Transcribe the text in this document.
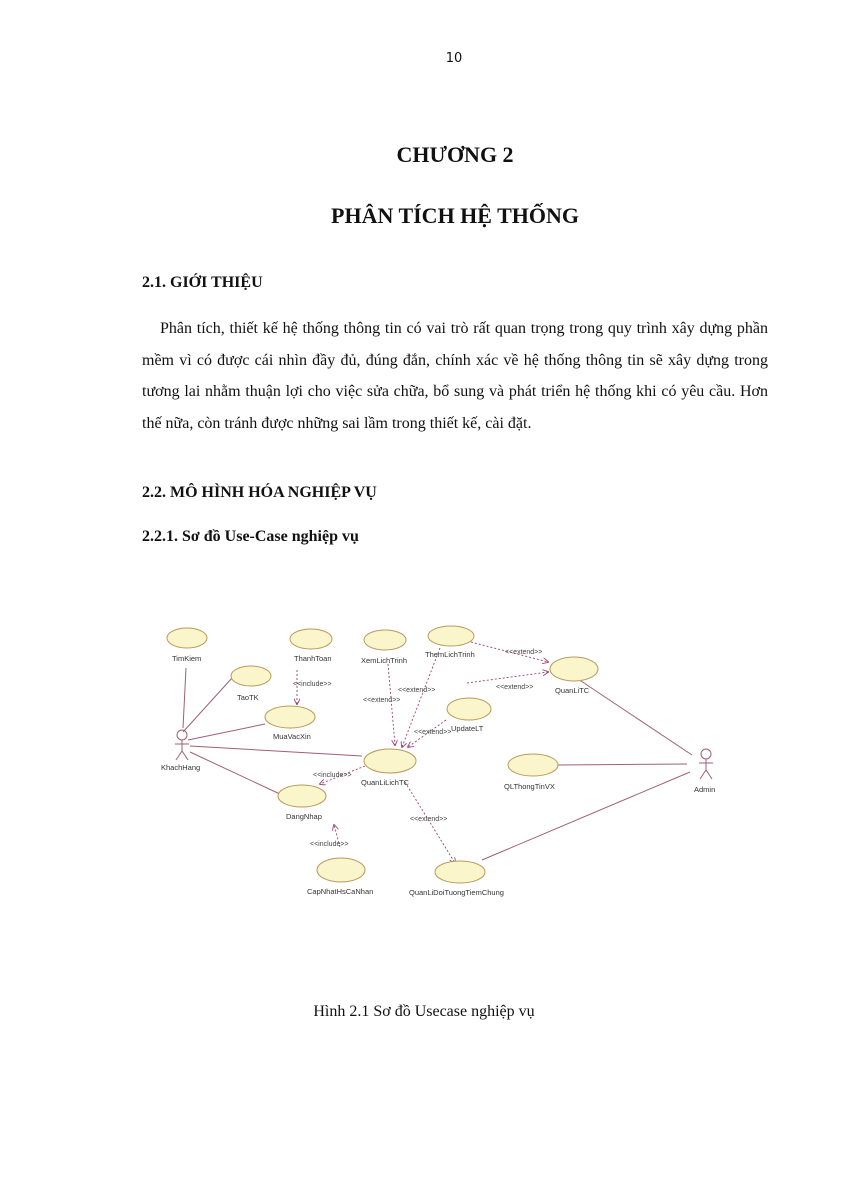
10
CHƯƠNG 2
PHÂN TÍCH HỆ THỐNG
2.1. GIỚI THIỆU

Phân tích, thiết kế hệ thống thông tin có vai trò rất quan trọng trong quy trình xây dựng phần mềm vì có được cái nhìn đầy đủ, đúng đắn, chính xác về hệ thống thông tin sẽ xây dựng trong tương lai nhằm thuận lợi cho việc sửa chữa, bổ sung và phát triển hệ thống khi có yêu cầu. Hơn thế nữa, còn tránh được những sai lầm trong thiết kế, cài đặt.

2.2. MÔ HÌNH HÓA NGHIỆP VỤ
2.2.1. Sơ đồ Use-Case nghiệp vụ
<<include>>
<<extend>>
<<extend>>
<<extend>>
<<extend>>
<<extend>>
<<include>>
<<extend>>
<<include>>
TimKiem
TaoTK
ThanhToan
MuaVacXin
XemLichTrinh
ThemLichTrinh
QuanLiTC
UpdateLT
QuanLiLichTC
DangNhap
QLThongTinVX
CapNhatHsCaNhan	QuanLiDoiTuongTiemChung
KhachHang
Admin
Hình 2.1 Sơ đồ Usecase nghiệp vụ
